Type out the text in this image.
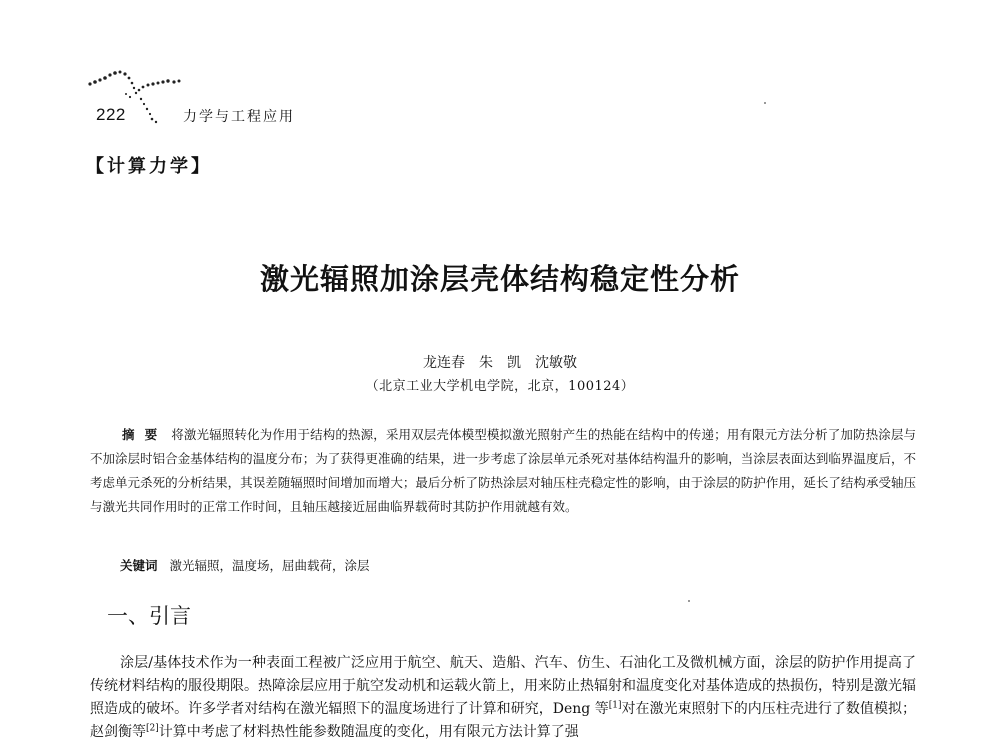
222	力学与工程应用
【计算力学】
激光辐照加涂层壳体结构稳定性分析
龙连春　朱　凯　沈敏敬
（北京工业大学机电学院，北京，100124）
摘要 将激光辐照转化为作用于结构的热源，采用双层壳体模型模拟激光照射产生的热能在结构中的传递；用有限元方法分析了加防热涂层与不加涂层时铝合金基体结构的温度分布；为了获得更准确的结果，进一步考虑了涂层单元杀死对基体结构温升的影响，当涂层表面达到临界温度后，不考虑单元杀死的分析结果，其误差随辐照时间增加而增大；最后分析了防热涂层对轴压柱壳稳定性的影响，由于涂层的防护作用，延长了结构承受轴压与激光共同作用时的正常工作时间，且轴压越接近屈曲临界载荷时其防护作用就越有效。
关键词 激光辐照，温度场，屈曲载荷，涂层
一、引言
涂层/基体技术作为一种表面工程被广泛应用于航空、航天、造船、汽车、仿生、石油化工及微机械方面，涂层的防护作用提高了传统材料结构的服役期限。热障涂层应用于航空发动机和运载火箭上，用来防止热辐射和温度变化对基体造成的热损伤，特别是激光辐照造成的破坏。许多学者对结构在激光辐照下的温度场进行了计算和研究，Deng 等[1]对在激光束照射下的内压柱壳进行了数值模拟；赵剑衡等[2]计算中考虑了材料热性能参数随温度的变化，用有限元方法计算了强
